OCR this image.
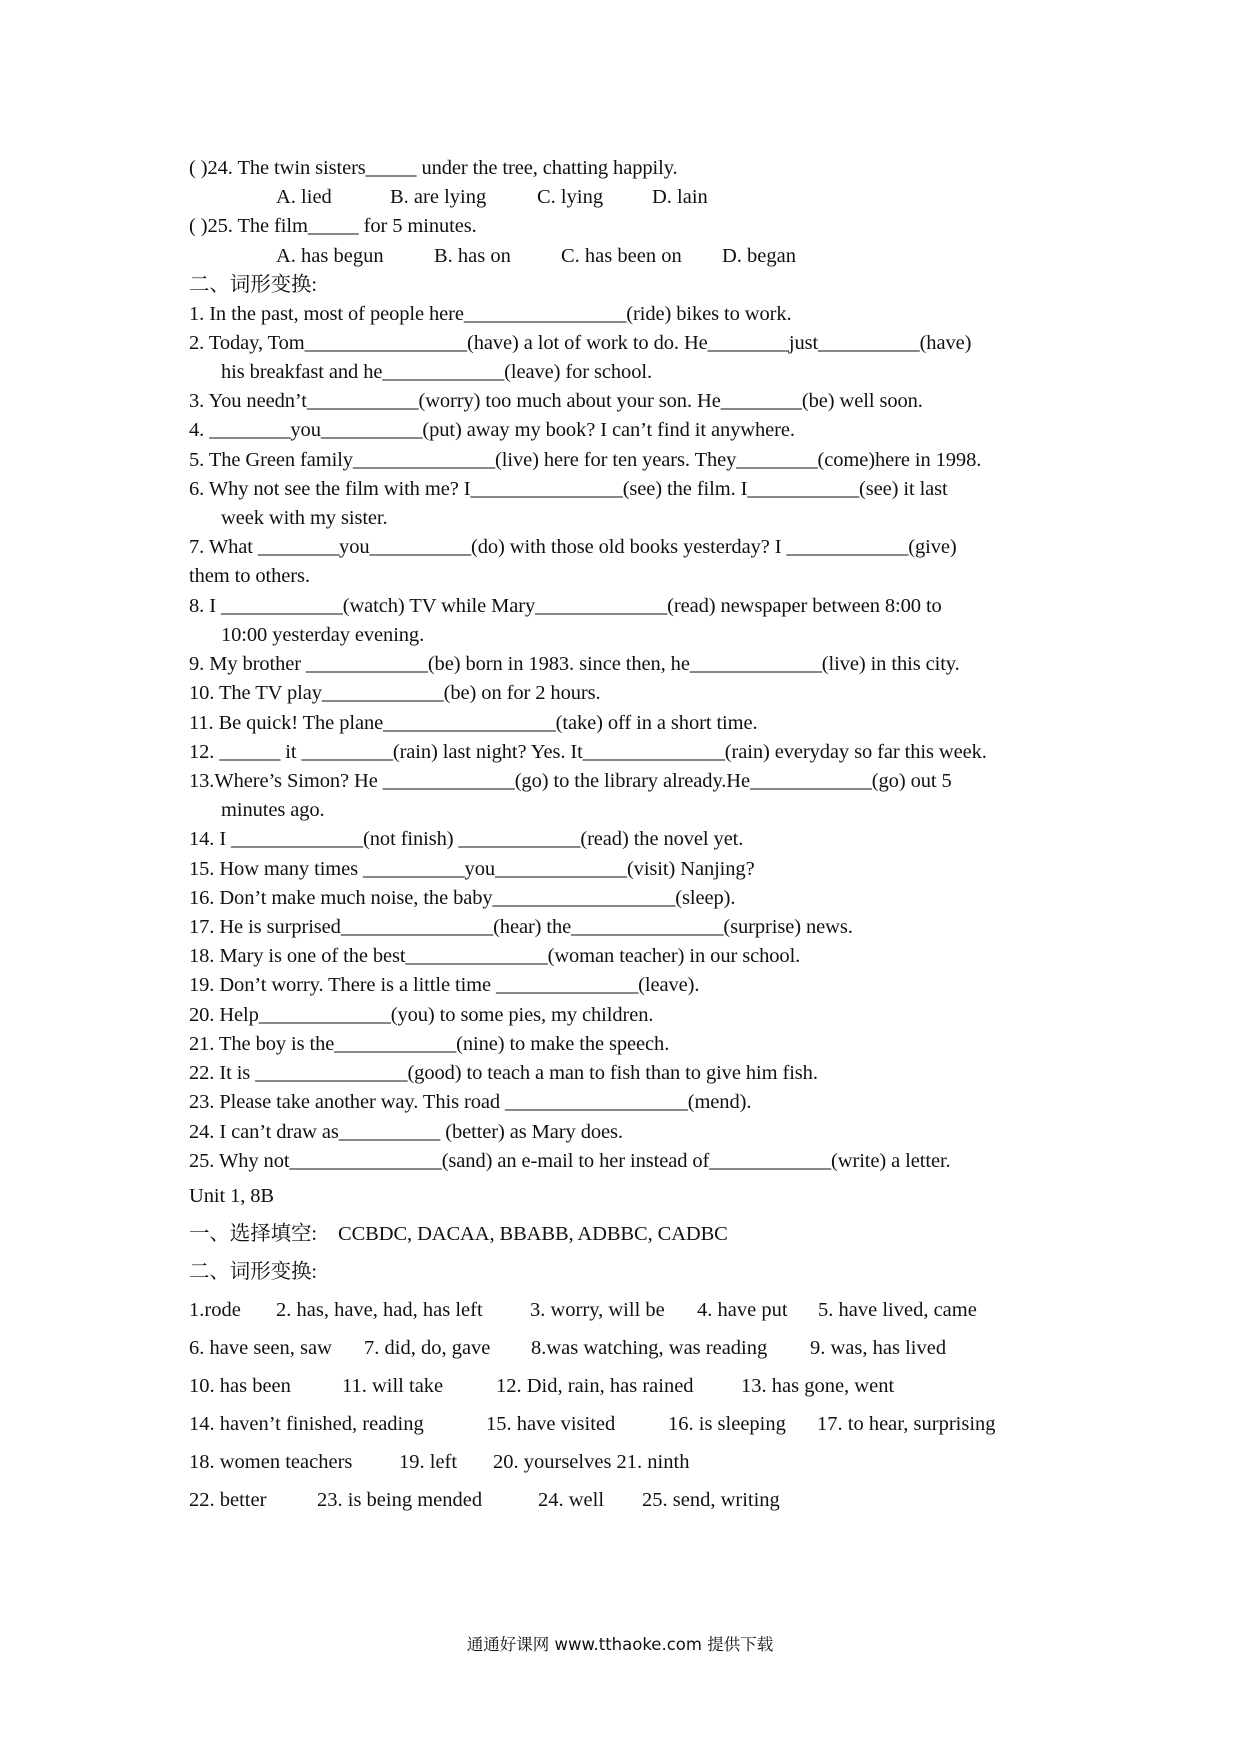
( )24. The twin sisters_____ under the tree, chatting happily.
A. lied	B. are lying C. lying D. lain
( )25. The film_____ for 5 minutes.
A. has begun B. has on C. has been on D. began
二、词形变换:
1. In the past, most of people here________________(ride) bikes to work.
2. Today, Tom________________(have) a lot of work to do. He________just__________(have)
his breakfast and he____________(leave) for school.
3. You needn’t___________(worry) too much about your son. He________(be) well soon.
4. ________you__________(put) away my book? I can’t find it anywhere.
5. The Green family______________(live) here for ten years. They________(come)here in 1998.
6. Why not see the film with me? I_______________(see) the film. I___________(see) it last
week with my sister.
7. What ________you__________(do) with those old books yesterday? I ____________(give)
them to others.
8. I ____________(watch) TV while Mary_____________(read) newspaper between 8:00 to
10:00 yesterday evening.
9. My brother ____________(be) born in 1983. since then, he_____________(live) in this city.
10. The TV play____________(be) on for 2 hours.
11. Be quick! The plane_________________(take) off in a short time.
12. ______ it _________(rain) last night? Yes. It______________(rain) everyday so far this week.
13.Where’s Simon? He _____________(go) to the library already.He____________(go) out 5
minutes ago.
14. I _____________(not finish) ____________(read) the novel yet.
15. How many times __________you_____________(visit) Nanjing?
16. Don’t make much noise, the baby__________________(sleep).
17. He is surprised_______________(hear) the_______________(surprise) news.
18. Mary is one of the best______________(woman teacher) in our school.
19. Don’t worry. There is a little time ______________(leave).
20. Help_____________(you) to some pies, my children.
21. The boy is the____________(nine) to make the speech.
22. It is _______________(good) to teach a man to fish than to give him fish.
23. Please take another way. This road __________________(mend).
24. I can’t draw as__________ (better) as Mary does.
25. Why not_______________(sand) an e-mail to her instead of____________(write) a letter.
Unit 1, 8B
一、选择填空: CCBDC, DACAA, BBABB, ADBBC, CADBC
二、词形变换:
1.rode 2. has, have, had, has left 3. worry, will be 4. have put 5. have lived, came
6. have seen, saw 7. did, do, gave 8.was watching, was reading 9. was, has lived
10. has been 11. will take	12. Did, rain, has rained 13. has gone, went
14. haven’t finished, reading	15. have visited	16. is sleeping 17. to hear, surprising
18. women teachers 19. left 20. yourselves 21. ninth
22. better 23. is being mended	24. well 25. send, writing
通通好课网 www.tthaoke.com 提供下载
